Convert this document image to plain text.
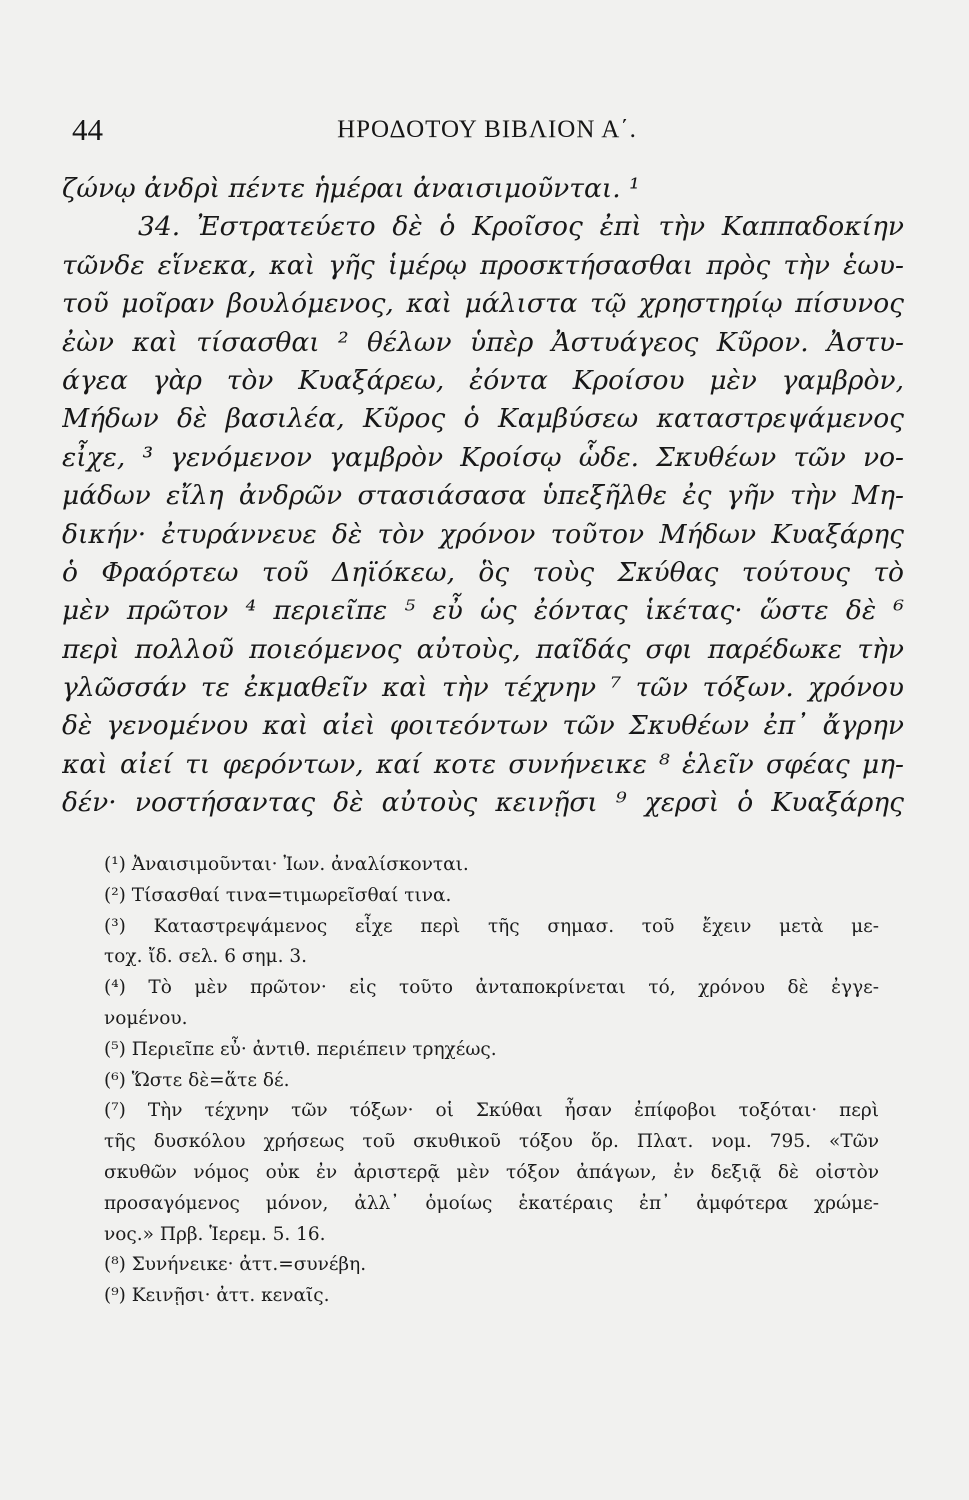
44	ΗΡΟΔΟΤΟΥ ΒΙΒΛΙΟΝ Α΄.
ζώνῳ ἀνδρὶ πέντε ἡμέραι ἀναισιμοῦνται. ¹
34. Ἐστρατεύετο δὲ ὁ Κροῖσος ἐπὶ τὴν Καππαδοκίην
τῶνδε εἵνεκα, καὶ γῆς ἱμέρῳ προσκτήσασθαι πρὸς τὴν ἑωυ-
τοῦ μοῖραν βουλόμενος, καὶ μάλιστα τῷ χρηστηρίῳ πίσυνος
ἐὼν καὶ τίσασθαι ² θέλων ὑπὲρ Ἀστυάγεος Κῦρον. Ἀστυ-
άγεα γὰρ τὸν Κυαξάρεω, ἐόντα Κροίσου μὲν γαμβρὸν,
Μήδων δὲ βασιλέα, Κῦρος ὁ Καμβύσεω καταστρεψάμενος
εἶχε, ³ γενόμενον γαμβρὸν Κροίσῳ ὧδε. Σκυθέων τῶν νο-
μάδων εἴλη ἀνδρῶν στασιάσασα ὑπεξῆλθε ἐς γῆν τὴν Μη-
δικήν· ἐτυράννευε δὲ τὸν χρόνον τοῦτον Μήδων Κυαξάρης
ὁ Φραόρτεω τοῦ Δηϊόκεω, ὃς τοὺς Σκύθας τούτους τὸ
μὲν πρῶτον ⁴ περιεῖπε ⁵ εὖ ὡς ἐόντας ἱκέτας· ὥστε δὲ ⁶
περὶ πολλοῦ ποιεόμενος αὐτοὺς, παῖδάς σφι παρέδωκε τὴν
γλῶσσάν τε ἐκμαθεῖν καὶ τὴν τέχνην ⁷ τῶν τόξων. χρόνου
δὲ γενομένου καὶ αἰεὶ φοιτεόντων τῶν Σκυθέων ἐπ᾽ ἄγρην
καὶ αἰεί τι φερόντων, καί κοτε συνήνεικε ⁸ ἑλεῖν σφέας μη-
δέν· νοστήσαντας δὲ αὐτοὺς κεινῇσι ⁹ χερσὶ ὁ Κυαξάρης
(¹) Ἀναισιμοῦνται· Ἰων. ἀναλίσκονται.
(²) Τίσασθαί τινα=τιμωρεῖσθαί τινα.
(³) Καταστρεψάμενος εἶχε περὶ τῆς σημασ. τοῦ ἔχειν μετὰ με-
τοχ. ἴδ. σελ. 6 σημ. 3.
(⁴) Τὸ μὲν πρῶτον· εἰς τοῦτο ἀνταποκρίνεται τό, χρόνου δὲ ἐγγε-
νομένου.
(⁵) Περιεῖπε εὖ· ἀντιθ. περιέπειν τρηχέως.
(⁶) Ὥστε δὲ=ἅτε δέ.
(⁷) Τὴν τέχνην τῶν τόξων· οἱ Σκύθαι ἦσαν ἐπίφοβοι τοξόται· περὶ
τῆς δυσκόλου χρήσεως τοῦ σκυθικοῦ τόξου ὅρ. Πλατ. νομ. 795. «Τῶν
σκυθῶν νόμος οὐκ ἐν ἀριστερᾷ μὲν τόξον ἀπάγων, ἐν δεξιᾷ δὲ οἰστὸν
προσαγόμενος μόνον, ἀλλ᾽ ὁμοίως ἑκατέραις ἐπ᾽ ἀμφότερα χρώμε-
νος.» Πρβ. Ἱερεμ. 5. 16.
(⁸) Συνήνεικε· ἀττ.=συνέβη.
(⁹) Κεινῇσι· ἀττ. κεναῖς.
